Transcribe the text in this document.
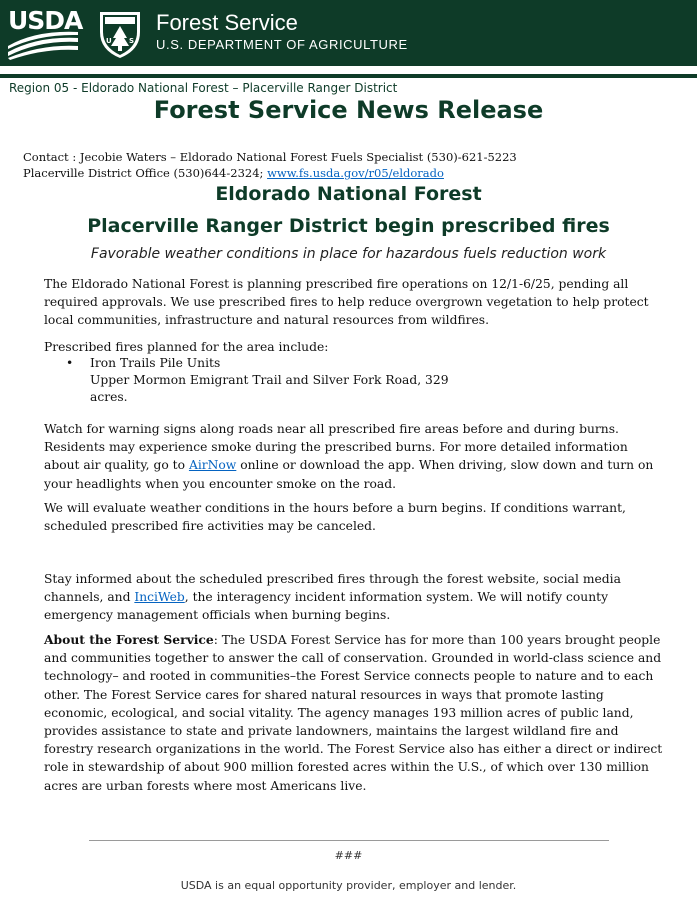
USDA
U S
Forest Service
U.S. DEPARTMENT OF AGRICULTURE
Region 05 - Eldorado National Forest – Placerville Ranger District
Forest Service News Release
Contact : Jecobie Waters – Eldorado National Forest Fuels Specialist (530)-621-5223
Placerville District Office (530)644-2324; www.fs.usda.gov/r05/eldorado
Eldorado National Forest
Placerville Ranger District begin prescribed fires
Favorable weather conditions in place for hazardous fuels reduction work

The Eldorado National Forest is planning prescribed fire operations on 12/1-6/25, pending all required approvals. We use prescribed fires to help reduce overgrown vegetation to help protect local communities, infrastructure and natural resources from wildfires.

Prescribed fires planned for the area include:

• Iron Trails Pile Units
Upper Mormon Emigrant Trail and Silver Fork Road, 329
acres.

Watch for warning signs along roads near all prescribed fire areas before and during burns. Residents may experience smoke during the prescribed burns. For more detailed information about air quality, go to AirNow online or download the app. When driving, slow down and turn on your headlights when you encounter smoke on the road.

We will evaluate weather conditions in the hours before a burn begins. If conditions warrant, scheduled prescribed fire activities may be canceled.

Stay informed about the scheduled prescribed fires through the forest website, social media channels, and InciWeb, the interagency incident information system. We will notify county emergency management officials when burning begins.

About the Forest Service: The USDA Forest Service has for more than 100 years brought people and communities together to answer the call of conservation. Grounded in world-class science and technology– and rooted in communities–the Forest Service connects people to nature and to each other. The Forest Service cares for shared natural resources in ways that promote lasting economic, ecological, and social vitality. The agency manages 193 million acres of public land, provides assistance to state and private landowners, maintains the largest wildland fire and forestry research organizations in the world. The Forest Service also has either a direct or indirect role in stewardship of about 900 million forested acres within the U.S., of which over 130 million acres are urban forests where most Americans live.

###
USDA is an equal opportunity provider, employer and lender.
